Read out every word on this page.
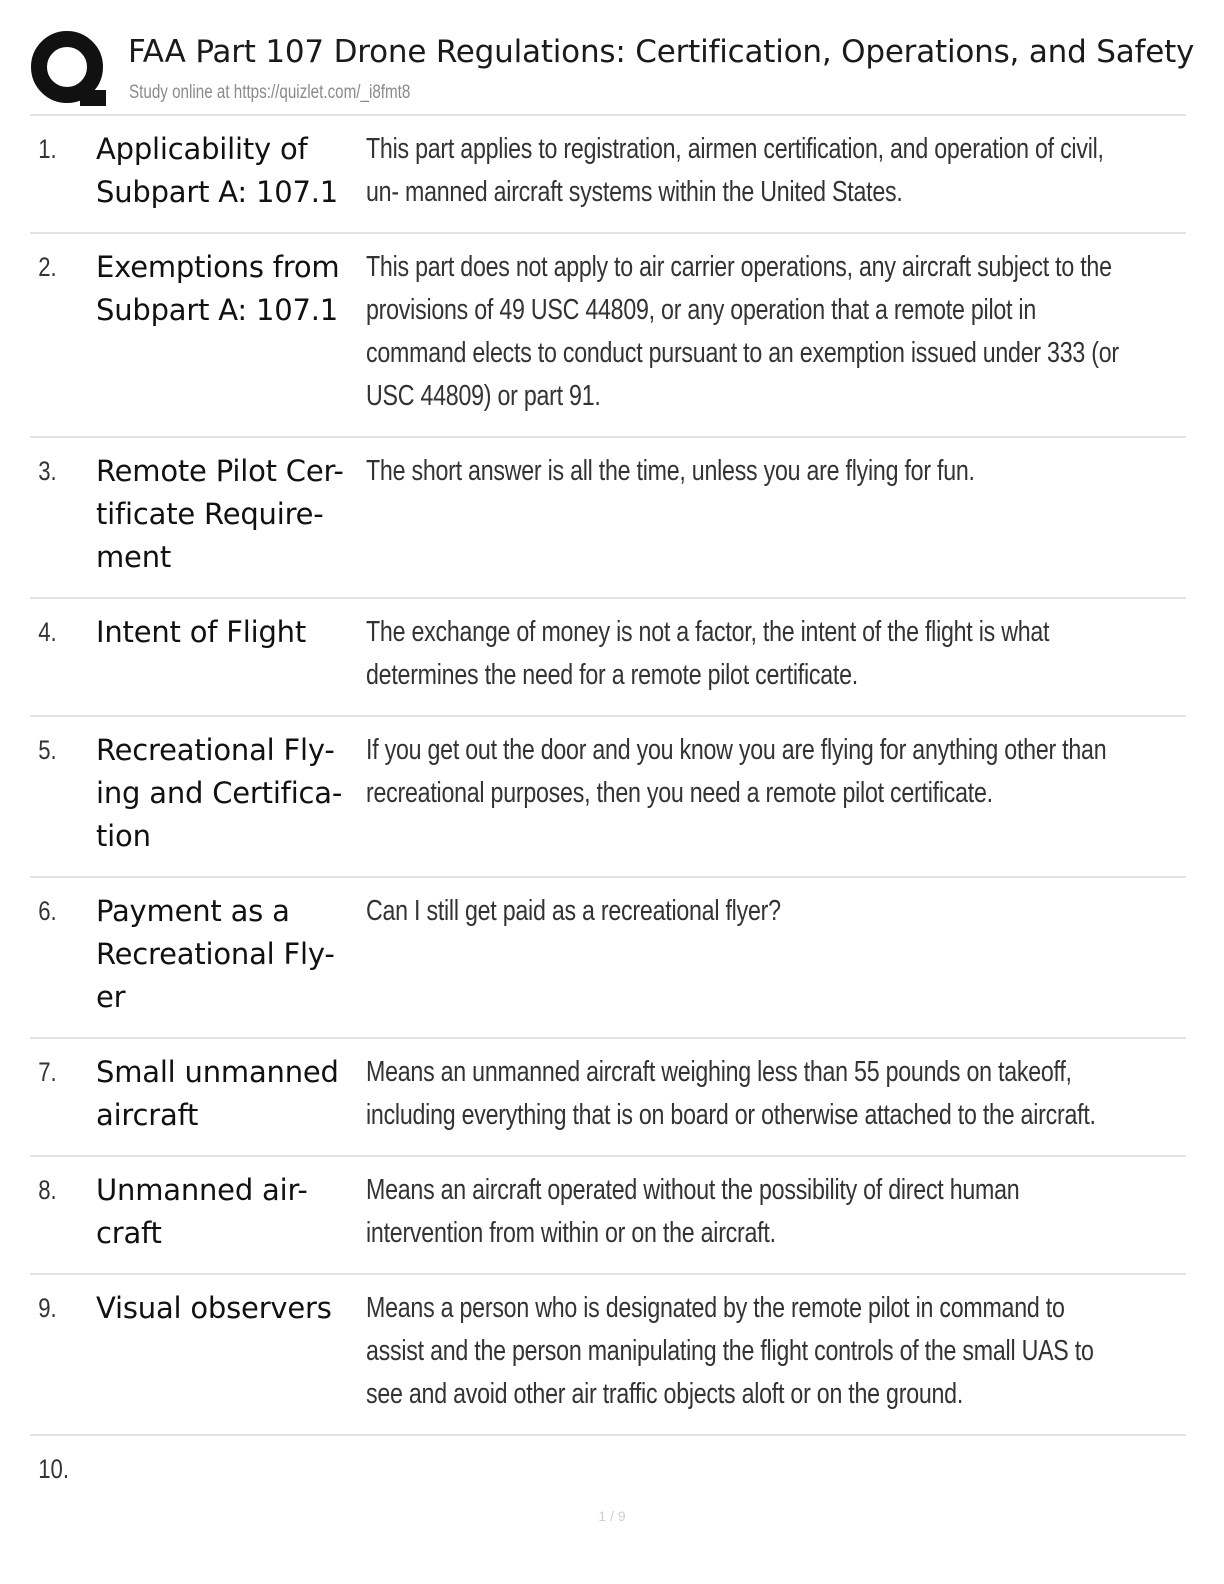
FAA Part 107 Drone Regulations: Certification, Operations, and Safety
Study online at https://quizlet.com/_i8fmt8
1.	Applicability of Subpart A: 107.1
This part applies to registration, airmen certification, and operation of civil, un- manned aircraft systems within the United States.
2.	Exemptions from Subpart A: 107.1
This part does not apply to air carrier operations, any aircraft subject to the provisions of 49 USC 44809, or any operation that a remote pilot in command elects to conduct pursuant to an exemption issued under 333 (or USC 44809) or part 91.
3.	Remote Pilot Cer- tificate Require- ment
The short answer is all the time, unless you are flying for fun.
4.	Intent of Flight	The exchange of money is not a factor, the intent of the flight is what determines the need for a remote pilot certificate.
5.	Recreational Fly- ing and Certifica- tion
If you get out the door and you know you are flying for anything other than recreational purposes, then you need a remote pilot certificate.
6.	Payment as a Recreational Fly- er
Can I still get paid as a recreational flyer?
7.	Small unmanned aircraft
Means an unmanned aircraft weighing less than 55 pounds on takeoff, including everything that is on board or otherwise attached to the aircraft.
8.	Unmanned air- craft
Means an aircraft operated without the possibility of direct human intervention from within or on the aircraft.
9.	Visual observers	Means a person who is designated by the remote pilot in command to assist and the person manipulating the flight controls of the small UAS to see and avoid other air traffic objects aloft or on the ground.
10.
1 / 9
